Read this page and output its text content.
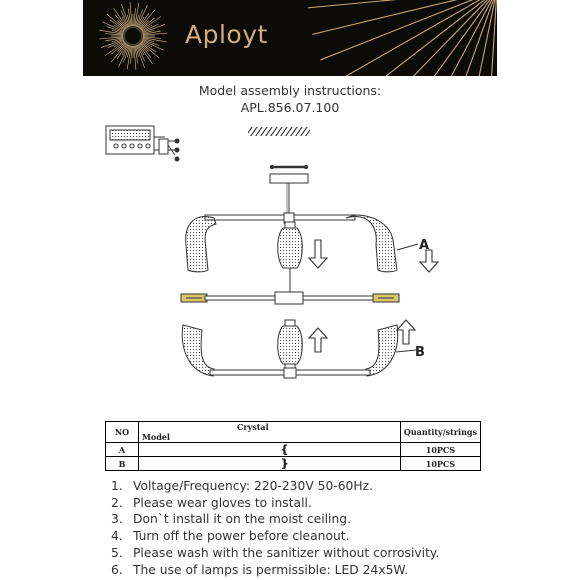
Aployt
Model assembly instructions:
APL.856.07.100
A
B
NO	CrystalModel	Quantity/strings
A	❴	10PCS
B	❵	10PCS
1. Voltage/Frequency: 220-230V 50-60Hz.
2. Please wear gloves to install.
3. Don`t install it on the moist ceiling.
4. Turn off the power before cleanout.
5. Please wash with the sanitizer without corrosivity.
6. The use of lamps is permissible: LED 24x5W.
